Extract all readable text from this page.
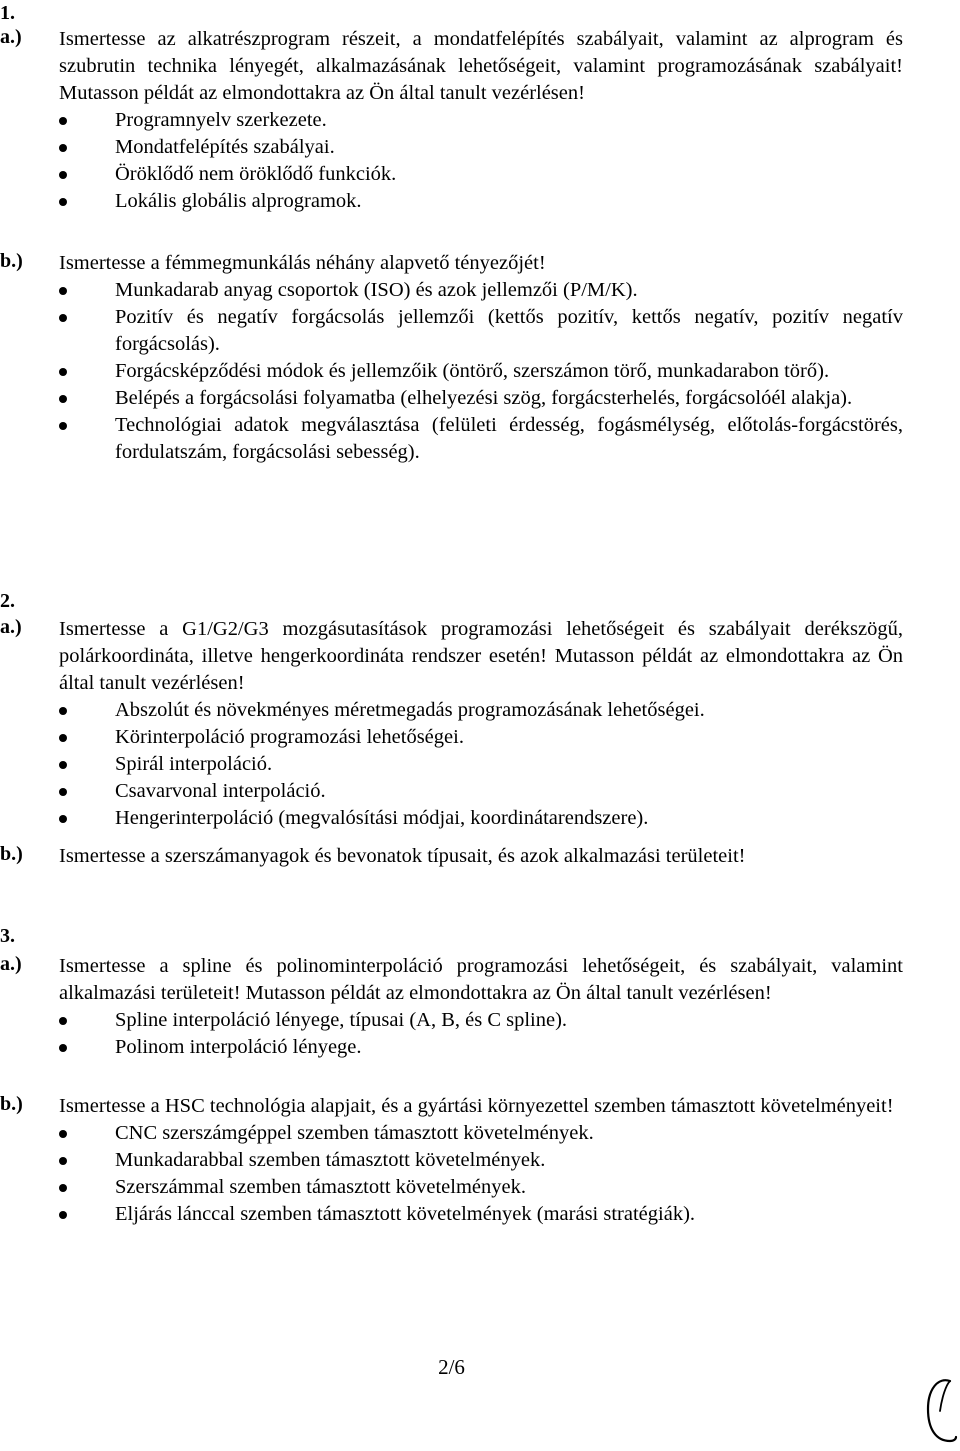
1.
a.) Ismertesse az alkatrészprogram részeit, a mondatfelépítés szabályait, valamint az alprogram és szubrutin technika lényegét, alkalmazásának lehetőségeit, valamint programozásának szabályait! Mutasson példát az elmondottakra az Ön által tanult vezérlésen!
Programnyelv szerkezete.
Mondatfelépítés szabályai.
Öröklődő nem öröklődő funkciók.
Lokális globális alprogramok.
b.) Ismertesse a fémmegmunkálás néhány alapvető tényezőjét!
Munkadarab anyag csoportok (ISO) és azok jellemzői (P/M/K).
Pozitív és negatív forgácsolás jellemzői (kettős pozitív, kettős negatív, pozitív negatív forgácsolás).
Forgácsképződési módok és jellemzőik (öntörő, szerszámon törő, munkadarabon törő).
Belépés a forgácsolási folyamatba (elhelyezési szög, forgácsterhelés, forgácsolóél alakja).
Technológiai adatok megválasztása (felületi érdesség, fogásmélység, előtolás-forgácstörés, fordulatszám, forgácsolási sebesség).
2.
a.) Ismertesse a G1/G2/G3 mozgásutasítások programozási lehetőségeit és szabályait derékszögű, polárkoordináta, illetve hengerkoordináta rendszer esetén! Mutasson példát az elmondottakra az Ön által tanult vezérlésen!
Abszolút és növekményes méretmegadás programozásának lehetőségei.
Körinterpoláció programozási lehetőségei.
Spirál interpoláció.
Csavarvonal interpoláció.
Hengerinterpoláció (megvalósítási módjai, koordinátarendszere).
b.) Ismertesse a szerszámanyagok és bevonatok típusait, és azok alkalmazási területeit!
3.
a.) Ismertesse a spline és polinominterpoláció programozási lehetőségeit, és szabályait, valamint alkalmazási területeit! Mutasson példát az elmondottakra az Ön által tanult vezérlésen!
Spline interpoláció lényege, típusai (A, B, és C spline).
Polinom interpoláció lényege.
b.) Ismertesse a HSC technológia alapjait, és a gyártási környezettel szemben támasztott követelményeit!
CNC szerszámgéppel szemben támasztott követelmények.
Munkadarabbal szemben támasztott követelmények.
Szerszámmal szemben támasztott követelmények.
Eljárás lánccal szemben támasztott követelmények (marási stratégiák).
2/6
